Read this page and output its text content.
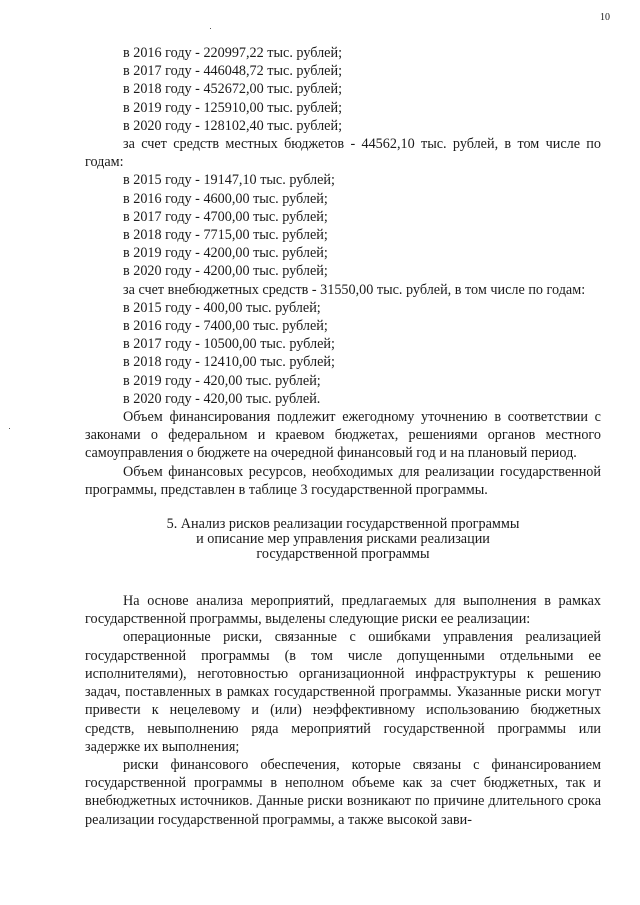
10
в 2016 году - 220997,22 тыс. рублей;
в 2017 году - 446048,72 тыс. рублей;
в 2018 году - 452672,00 тыс. рублей;
в 2019 году - 125910,00 тыс. рублей;
в 2020 году - 128102,40 тыс. рублей;

за счет средств местных бюджетов - 44562,10 тыс. рублей, в том числе по годам:

в 2015 году - 19147,10 тыс. рублей;
в 2016 году - 4600,00 тыс. рублей;
в 2017 году - 4700,00 тыс. рублей;
в 2018 году - 7715,00 тыс. рублей;
в 2019 году - 4200,00 тыс. рублей;
в 2020 году - 4200,00 тыс. рублей;

за счет внебюджетных средств - 31550,00 тыс. рублей, в том числе по годам:

в 2015 году - 400,00 тыс. рублей;
в 2016 году - 7400,00 тыс. рублей;
в 2017 году - 10500,00 тыс. рублей;
в 2018 году - 12410,00 тыс. рублей;
в 2019 году - 420,00 тыс. рублей;
в 2020 году - 420,00 тыс. рублей.

Объем финансирования подлежит ежегодному уточнению в соответствии с законами о федеральном и краевом бюджетах, решениями органов местного самоуправления о бюджете на очередной финансовый год и на плановый период.

Объем финансовых ресурсов, необходимых для реализации государственной программы, представлен в таблице 3 государственной программы.

5. Анализ рисков реализации государственной программы
и описание мер управления рисками реализации
государственной программы

На основе анализа мероприятий, предлагаемых для выполнения в рамках государственной программы, выделены следующие риски ее реализации:

операционные риски, связанные с ошибками управления реализацией государственной программы (в том числе допущенными отдельными ее исполнителями), неготовностью организационной инфраструктуры к решению задач, поставленных в рамках государственной программы. Указанные риски могут привести к нецелевому и (или) неэффективному использованию бюджетных средств, невыполнению ряда мероприятий государственной программы или задержке их выполнения;

риски финансового обеспечения, которые связаны с финансированием государственной программы в неполном объеме как за счет бюджетных, так и внебюджетных источников. Данные риски возникают по причине длительного срока реализации государственной программы, а также высокой зави-
